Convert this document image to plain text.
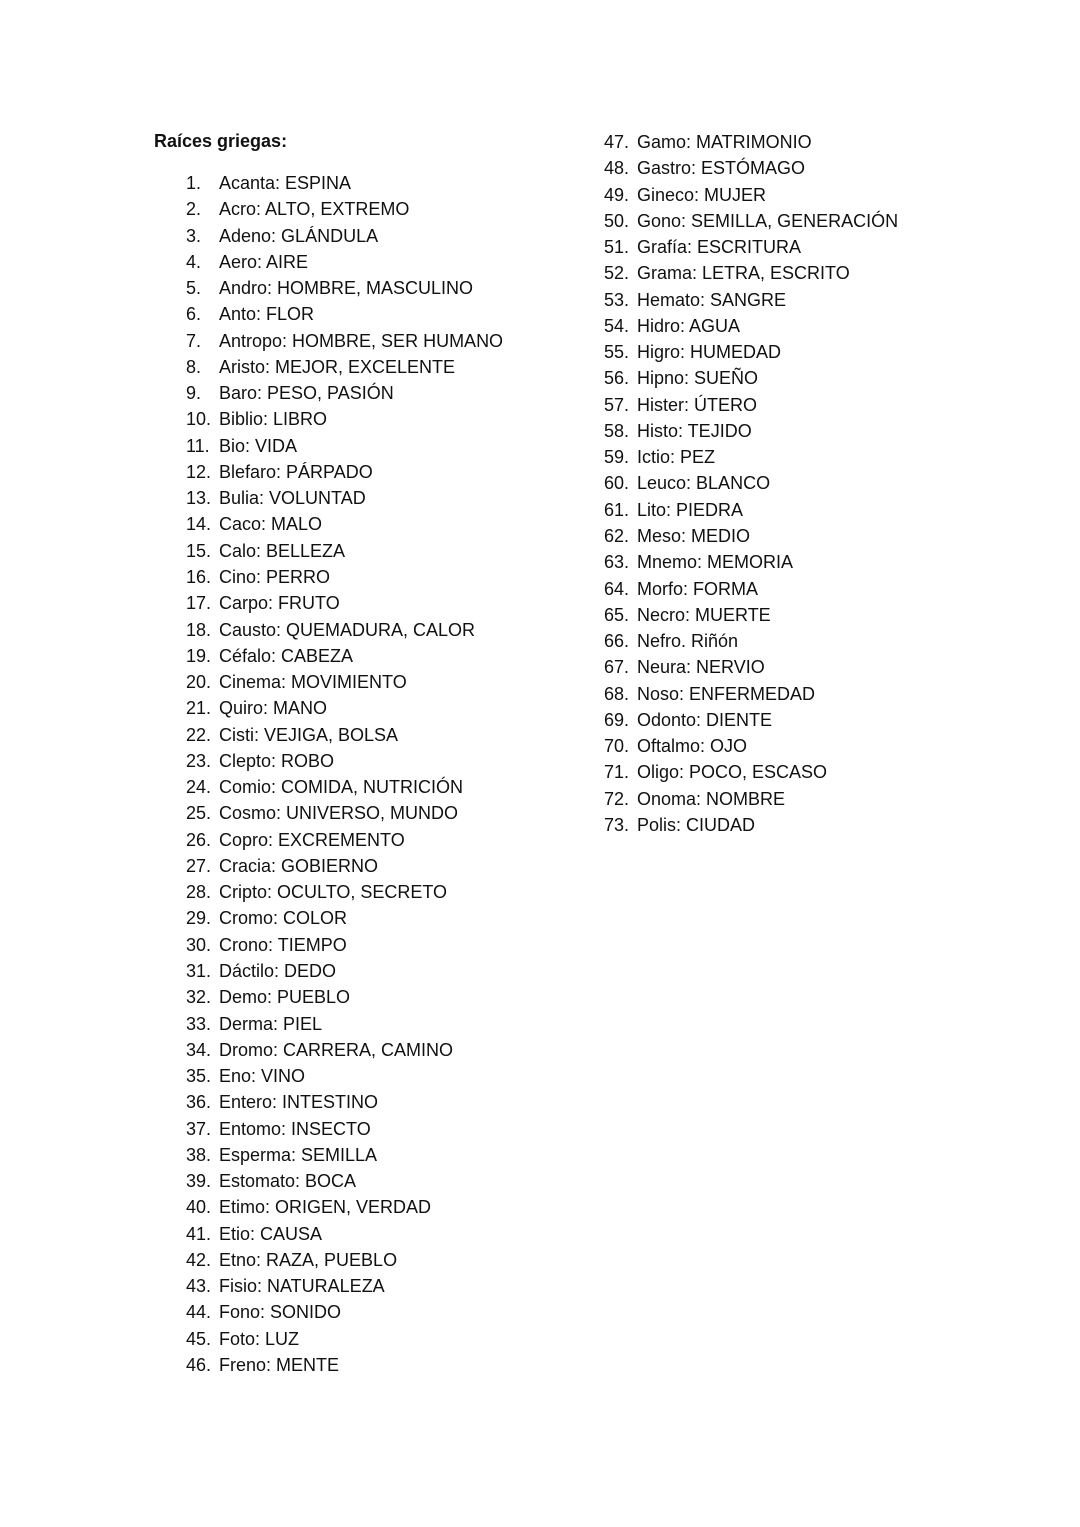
Raíces griegas:
1. Acanta: ESPINA
2. Acro: ALTO, EXTREMO
3. Adeno: GLÁNDULA
4. Aero: AIRE
5. Andro: HOMBRE, MASCULINO
6. Anto: FLOR
7. Antropo: HOMBRE, SER HUMANO
8. Aristo: MEJOR, EXCELENTE
9. Baro: PESO, PASIÓN
10. Biblio: LIBRO
11. Bio: VIDA
12. Blefaro: PÁRPADO
13. Bulia: VOLUNTAD
14. Caco: MALO
15. Calo: BELLEZA
16. Cino: PERRO
17. Carpo: FRUTO
18. Causto: QUEMADURA, CALOR
19. Céfalo: CABEZA
20. Cinema: MOVIMIENTO
21. Quiro: MANO
22. Cisti: VEJIGA, BOLSA
23. Clepto: ROBO
24. Comio: COMIDA, NUTRICIÓN
25. Cosmo: UNIVERSO, MUNDO
26. Copro: EXCREMENTO
27. Cracia: GOBIERNO
28. Cripto: OCULTO, SECRETO
29. Cromo: COLOR
30. Crono: TIEMPO
31. Dáctilo: DEDO
32. Demo: PUEBLO
33. Derma: PIEL
34. Dromo: CARRERA, CAMINO
35. Eno: VINO
36. Entero: INTESTINO
37. Entomo: INSECTO
38. Esperma: SEMILLA
39. Estomato: BOCA
40. Etimo: ORIGEN, VERDAD
41. Etio: CAUSA
42. Etno: RAZA, PUEBLO
43. Fisio: NATURALEZA
44. Fono: SONIDO
45. Foto: LUZ
46. Freno: MENTE
47. Gamo: MATRIMONIO
48. Gastro: ESTÓMAGO
49. Gineco: MUJER
50. Gono: SEMILLA, GENERACIÓN
51. Grafía: ESCRITURA
52. Grama: LETRA, ESCRITO
53. Hemato: SANGRE
54. Hidro: AGUA
55. Higro: HUMEDAD
56. Hipno: SUEÑO
57. Hister: ÚTERO
58. Histo: TEJIDO
59. Ictio: PEZ
60. Leuco: BLANCO
61. Lito: PIEDRA
62. Meso: MEDIO
63. Mnemo: MEMORIA
64. Morfo: FORMA
65. Necro: MUERTE
66. Nefro. Riñón
67. Neura: NERVIO
68. Noso: ENFERMEDAD
69. Odonto: DIENTE
70. Oftalmo: OJO
71. Oligo: POCO, ESCASO
72. Onoma: NOMBRE
73. Polis: CIUDAD
